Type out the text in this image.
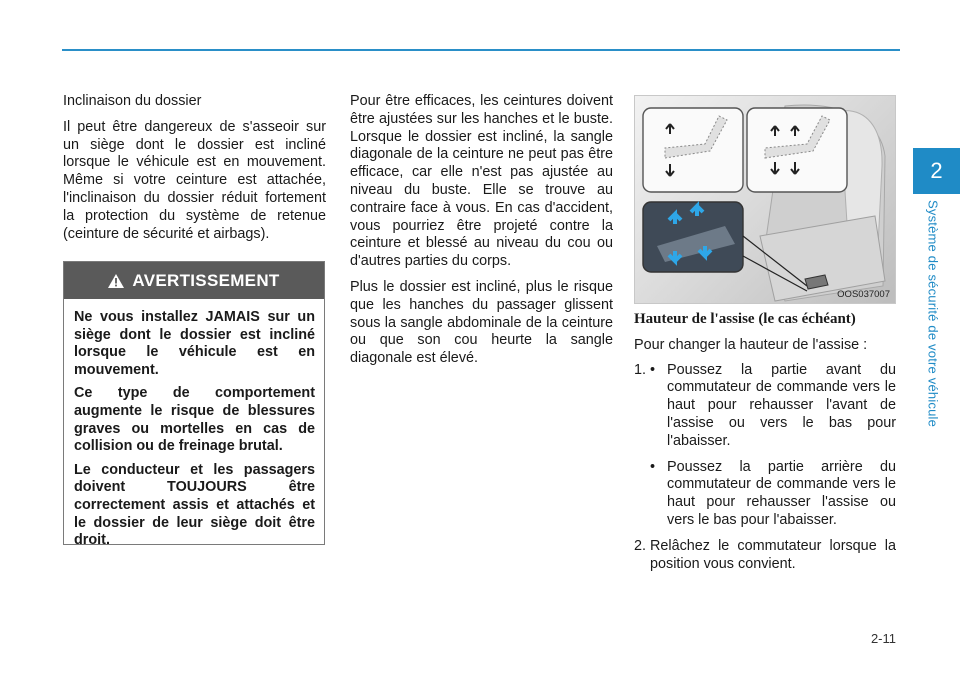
2
Système de sécurité de votre véhicule

Inclinaison du dossier

Il peut être dangereux de s'asseoir sur un siège dont le dossier est incliné lorsque le véhicule est en mouvement. Même si votre ceinture est attachée, l'inclinaison du dossier réduit fortement la protection du système de retenue (ceinture de sécurité et airbags).

AVERTISSEMENT

Ne vous installez JAMAIS sur un siège dont le dossier est incliné lorsque le véhicule est en mouvement.

Ce type de comportement augmente le risque de blessures graves ou mortelles en cas de collision ou de freinage brutal.

Le conducteur et les passagers doivent TOUJOURS être correctement assis et attachés et le dossier de leur siège doit être droit.

Pour être efficaces, les ceintures doivent être ajustées sur les hanches et le buste. Lorsque le dossier est incliné, la sangle diagonale de la ceinture ne peut pas être efficace, car elle n'est pas ajustée au niveau du buste. Elle se trouve au contraire face à vous. En cas d'accident, vous pourriez être projeté contre la ceinture et blessé au niveau du cou ou d'autres parties du corps.

Plus le dossier est incliné, plus le risque que les hanches du passager glissent sous la sangle abdominale de la ceinture ou que son cou heurte la sangle diagonale est élevé.

OOS037007

Hauteur de l'assise (le cas échéant)

Pour changer la hauteur de l'assise :

1. • Poussez la partie avant du commutateur de commande vers le haut pour rehausser l'avant de l'assise ou vers le bas pour l'abaisser.
• Poussez la partie arrière du commutateur de commande vers le haut pour rehausser l'assise ou vers le bas pour l'abaisser.
2. Relâchez le commutateur lorsque la position vous convient.
2-11
